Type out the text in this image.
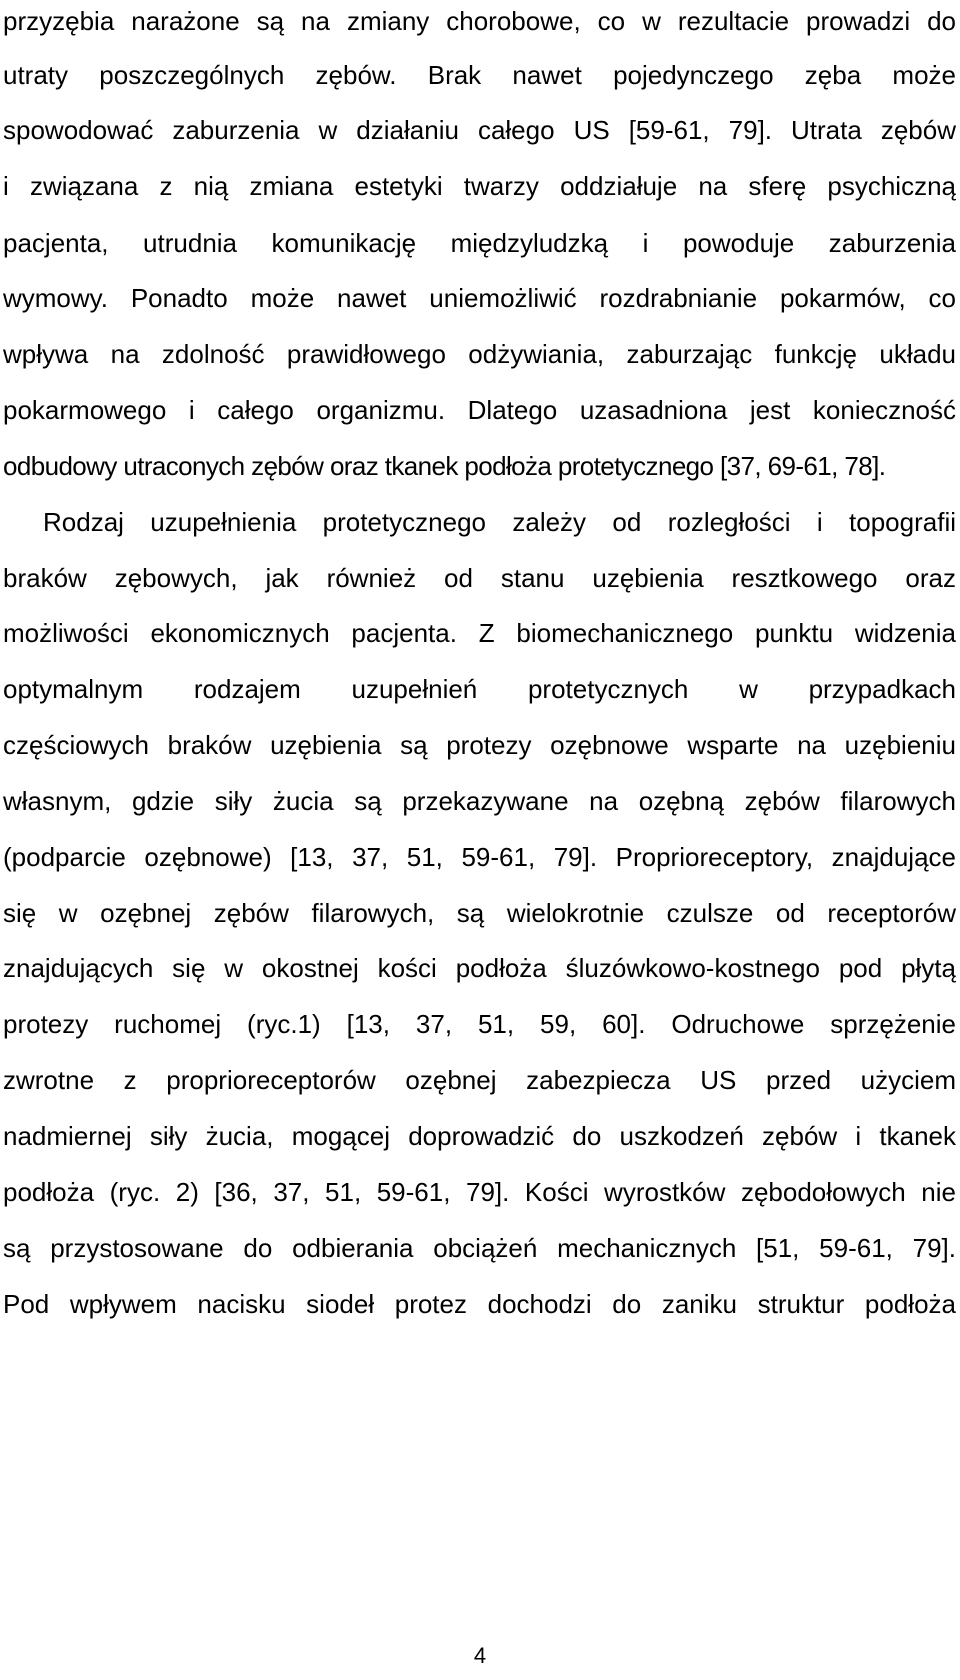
przyzębia narażone są na zmiany chorobowe, co w rezultacie prowadzi do
utraty poszczególnych zębów. Brak nawet pojedynczego zęba może
spowodować zaburzenia w działaniu całego US [59-61, 79]. Utrata zębów
i związana z nią zmiana estetyki twarzy oddziałuje na sferę psychiczną
pacjenta, utrudnia komunikację międzyludzką i powoduje zaburzenia
wymowy. Ponadto może nawet uniemożliwić rozdrabnianie pokarmów, co
wpływa na zdolność prawidłowego odżywiania, zaburzając funkcję układu
pokarmowego i całego organizmu. Dlatego uzasadniona jest konieczność
odbudowy utraconych zębów oraz tkanek podłoża protetycznego [37, 69-61, 78].
Rodzaj uzupełnienia protetycznego zależy od rozległości i topografii
braków zębowych, jak również od stanu uzębienia resztkowego oraz
możliwości ekonomicznych pacjenta. Z biomechanicznego punktu widzenia
optymalnym rodzajem uzupełnień protetycznych w przypadkach
częściowych braków uzębienia są protezy ozębnowe wsparte na uzębieniu
własnym, gdzie siły żucia są przekazywane na ozębną zębów filarowych
(podparcie ozębnowe) [13, 37, 51, 59-61, 79]. Proprioreceptory, znajdujące
się w ozębnej zębów filarowych, są wielokrotnie czulsze od receptorów
znajdujących się w okostnej kości podłoża śluzówkowo-kostnego pod płytą
protezy ruchomej (ryc.1) [13, 37, 51, 59, 60]. Odruchowe sprzężenie
zwrotne z proprioreceptorów ozębnej zabezpiecza US przed użyciem
nadmiernej siły żucia, mogącej doprowadzić do uszkodzeń zębów i tkanek
podłoża (ryc. 2) [36, 37, 51, 59-61, 79]. Kości wyrostków zębodołowych nie
są przystosowane do odbierania obciążeń mechanicznych [51, 59-61, 79].
Pod wpływem nacisku siodeł protez dochodzi do zaniku struktur podłoża
4
